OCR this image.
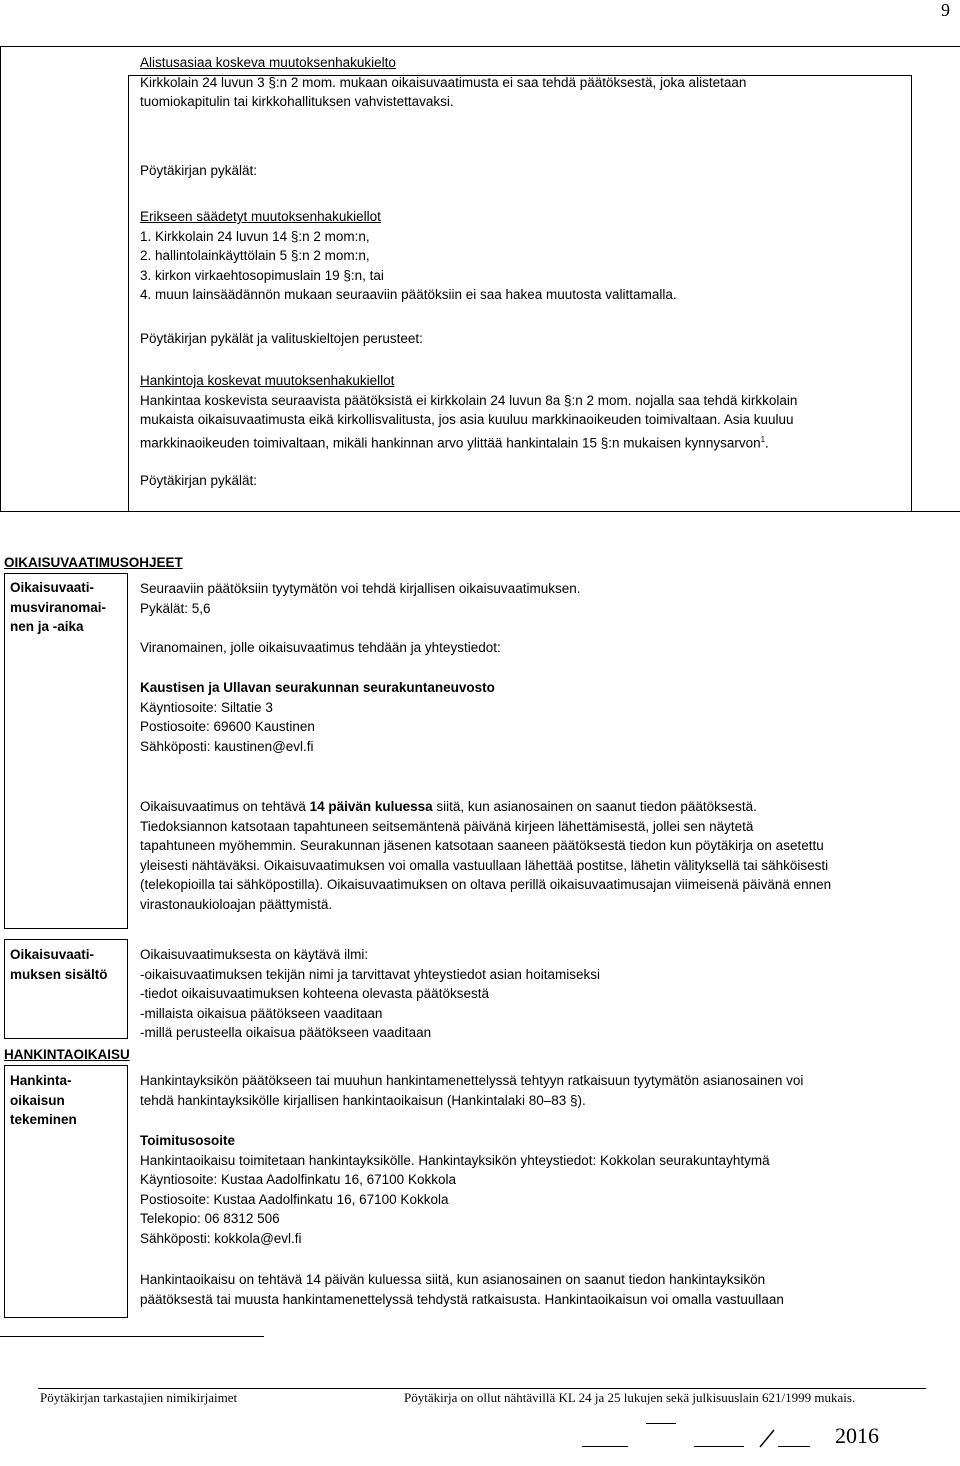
9
Alistusasiaa koskeva muutoksenhakukielto
Kirkkolain 24 luvun 3 §:n 2 mom. mukaan oikaisuvaatimusta ei saa tehdä päätöksestä, joka alistetaan
tuomiokapitulin tai kirkkohallituksen vahvistettavaksi.
Pöytäkirjan pykälät:
Erikseen säädetyt muutoksenhakukiellot
1. Kirkkolain 24 luvun 14 §:n 2 mom:n,
2. hallintolainkäyttölain 5 §:n 2 mom:n,
3. kirkon virkaehtosopimuslain 19 §:n, tai
4. muun lainsäädännön mukaan seuraaviin päätöksiin ei saa hakea muutosta valittamalla.
Pöytäkirjan pykälät ja valituskieltojen perusteet:
Hankintoja koskevat muutoksenhakukiellot
Hankintaa koskevista seuraavista päätöksistä ei kirkkolain 24 luvun 8a §:n 2 mom. nojalla saa tehdä kirkkolain
mukaista oikaisuvaatimusta eikä kirkollisvalitusta, jos asia kuuluu markkinaoikeuden toimivaltaan. Asia kuuluu
markkinaoikeuden toimivaltaan, mikäli hankinnan arvo ylittää hankintalain 15 §:n mukaisen kynnysarvon$^1$.
Pöytäkirjan pykälät:
OIKAISUVAATIMUSOHJEET
Oikaisuvaati-
musviranomai-
nen ja -aika
Seuraaviin päätöksiin tyytymätön voi tehdä kirjallisen oikaisuvaatimuksen.
Pykälät: 5,6
Viranomainen, jolle oikaisuvaatimus tehdään ja yhteystiedot:
Kaustisen ja Ullavan seurakunnan seurakuntaneuvosto
Käyntiosoite: Siltatie 3
Postiosoite: 69600 Kaustinen
Sähköposti: kaustinen@evl.fi
Oikaisuvaatimus on tehtävä 14 päivän kuluessa siitä, kun asianosainen on saanut tiedon päätöksestä.
Tiedoksiannon katsotaan tapahtuneen seitsemäntenä päivänä kirjeen lähettämisestä, jollei sen näytetä
tapahtuneen myöhemmin. Seurakunnan jäsenen katsotaan saaneen päätöksestä tiedon kun pöytäkirja on asetettu
yleisesti nähtäväksi. Oikaisuvaatimuksen voi omalla vastuullaan lähettää postitse, lähetin välityksellä tai sähköisesti
(telekopioilla tai sähköpostilla). Oikaisuvaatimuksen on oltava perillä oikaisuvaatimusajan viimeisenä päivänä ennen
virastonaukioloajan päättymistä.
Oikaisuvaati-
muksen sisältö
Oikaisuvaatimuksesta on käytävä ilmi:
-oikaisuvaatimuksen tekijän nimi ja tarvittavat yhteystiedot asian hoitamiseksi
-tiedot oikaisuvaatimuksen kohteena olevasta päätöksestä
-millaista oikaisua päätökseen vaaditaan
-millä perusteella oikaisua päätökseen vaaditaan
HANKINTAOIKAISU
Hankinta-
oikaisun
tekeminen
Hankintayksikön päätökseen tai muuhun hankintamenettelyssä tehtyyn ratkaisuun tyytymätön asianosainen voi
tehdä hankintayksikölle kirjallisen hankintaoikaisun (Hankintalaki 80–83 §).
Toimitusosoite
Hankintaoikaisu toimitetaan hankintayksikölle. Hankintayksikön yhteystiedot: Kokkolan seurakuntayhtymä
Käyntiosoite: Kustaa Aadolfinkatu 16, 67100 Kokkola
Postiosoite: Kustaa Aadolfinkatu 16, 67100 Kokkola
Telekopio: 06 8312 506
Sähköposti: kokkola@evl.fi
Hankintaoikaisu on tehtävä 14 päivän kuluessa siitä, kun asianosainen on saanut tiedon hankintayksikön
päätöksestä tai muusta hankintamenettelyssä tehdystä ratkaisusta. Hankintaoikaisun voi omalla vastuullaan
Pöytäkirjan tarkastajien nimikirjaimet	Pöytäkirja on ollut nähtävillä KL 24 ja 25 lukujen sekä julkisuuslain 621/1999 mukais.
2016
